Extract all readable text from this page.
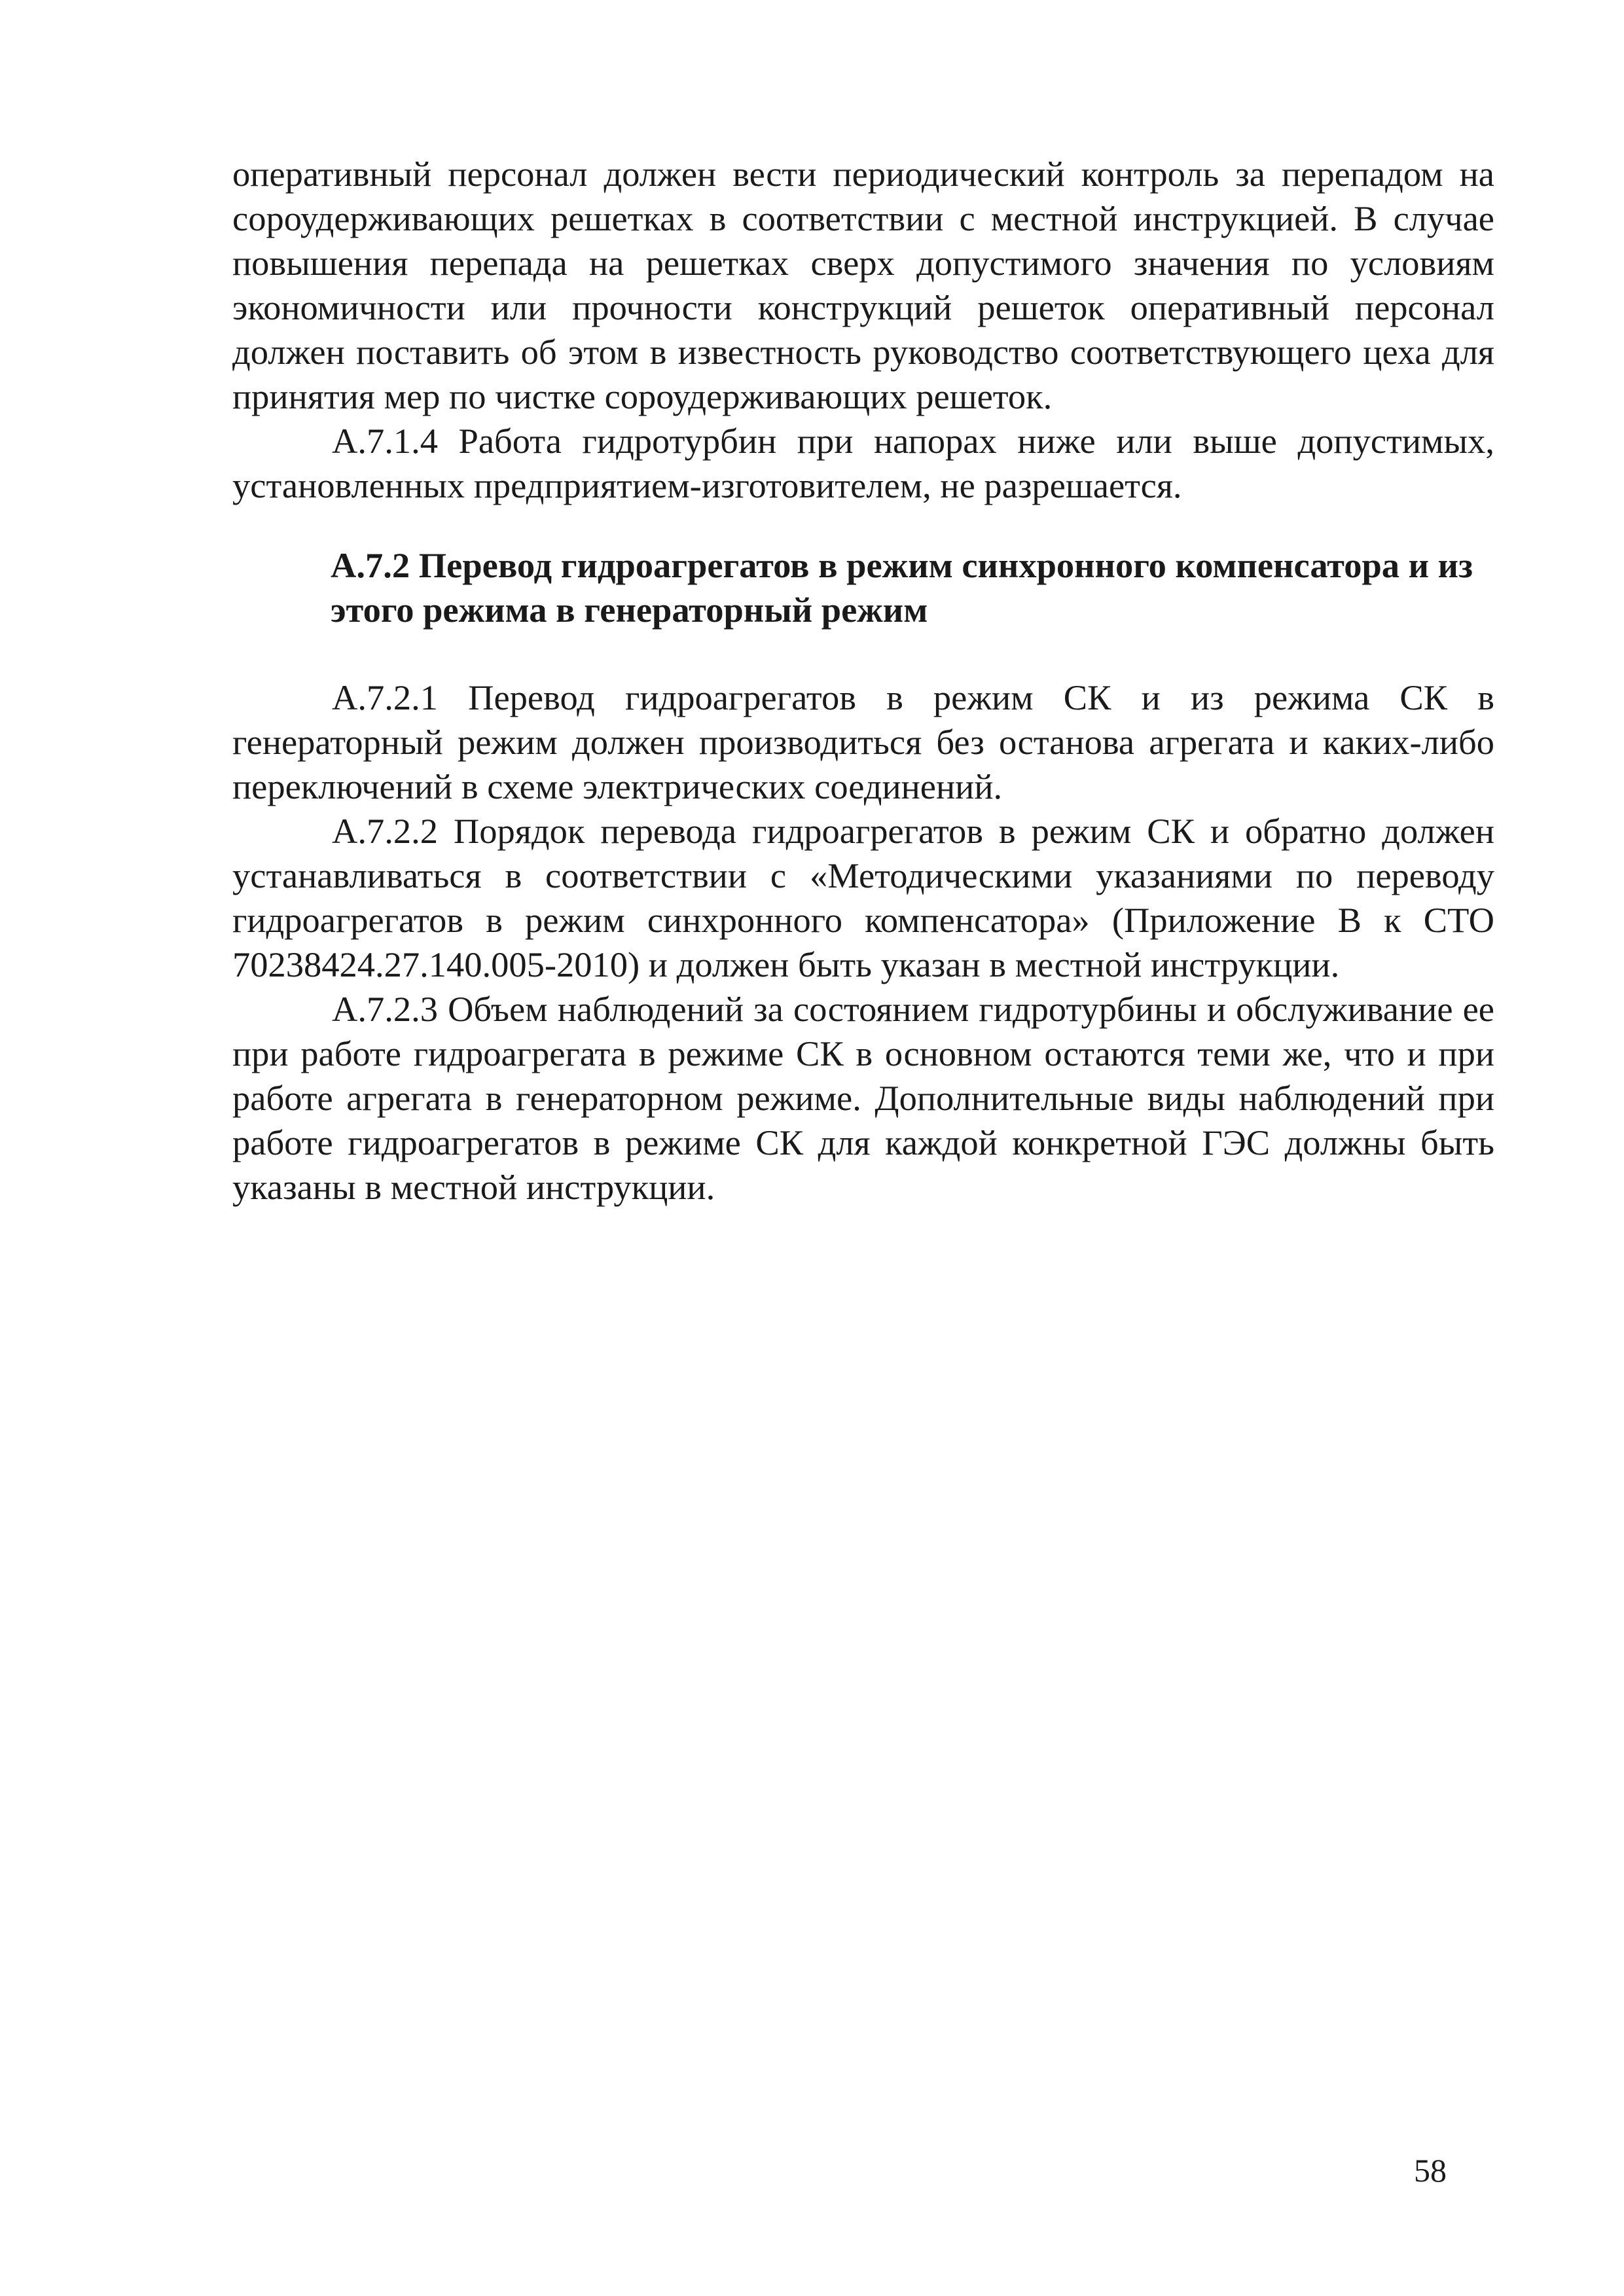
оперативный персонал должен вести периодический контроль за перепадом на сороудерживающих решетках в соответствии с местной инструкцией. В случае повышения перепада на решетках сверх допустимого значения по условиям экономичности или прочности конструкций решеток оперативный персонал должен поставить об этом в известность руководство соответствующего цеха для принятия мер по чистке сороудерживающих решеток.

А.7.1.4 Работа гидротурбин при напорах ниже или выше допустимых, установленных предприятием-изготовителем, не разрешается.

А.7.2 Перевод гидроагрегатов в режим синхронного компенсатора и из этого режима в генераторный режим

А.7.2.1 Перевод гидроагрегатов в режим СК и из режима СК в генераторный режим должен производиться без останова агрегата и каких-либо переключений в схеме электрических соединений.

А.7.2.2 Порядок перевода гидроагрегатов в режим СК и обратно должен устанавливаться в соответствии с «Методическими указаниями по переводу гидроагрегатов в режим синхронного компенсатора» (Приложение В к СТО 70238424.27.140.005-2010) и должен быть указан в местной инструкции.

А.7.2.3 Объем наблюдений за состоянием гидротурбины и обслуживание ее при работе гидроагрегата в режиме СК в основном остаются теми же, что и при работе агрегата в генераторном режиме. Дополнительные виды наблюдений при работе гидроагрегатов в режиме СК для каждой конкретной ГЭС должны быть указаны в местной инструкции.

58
